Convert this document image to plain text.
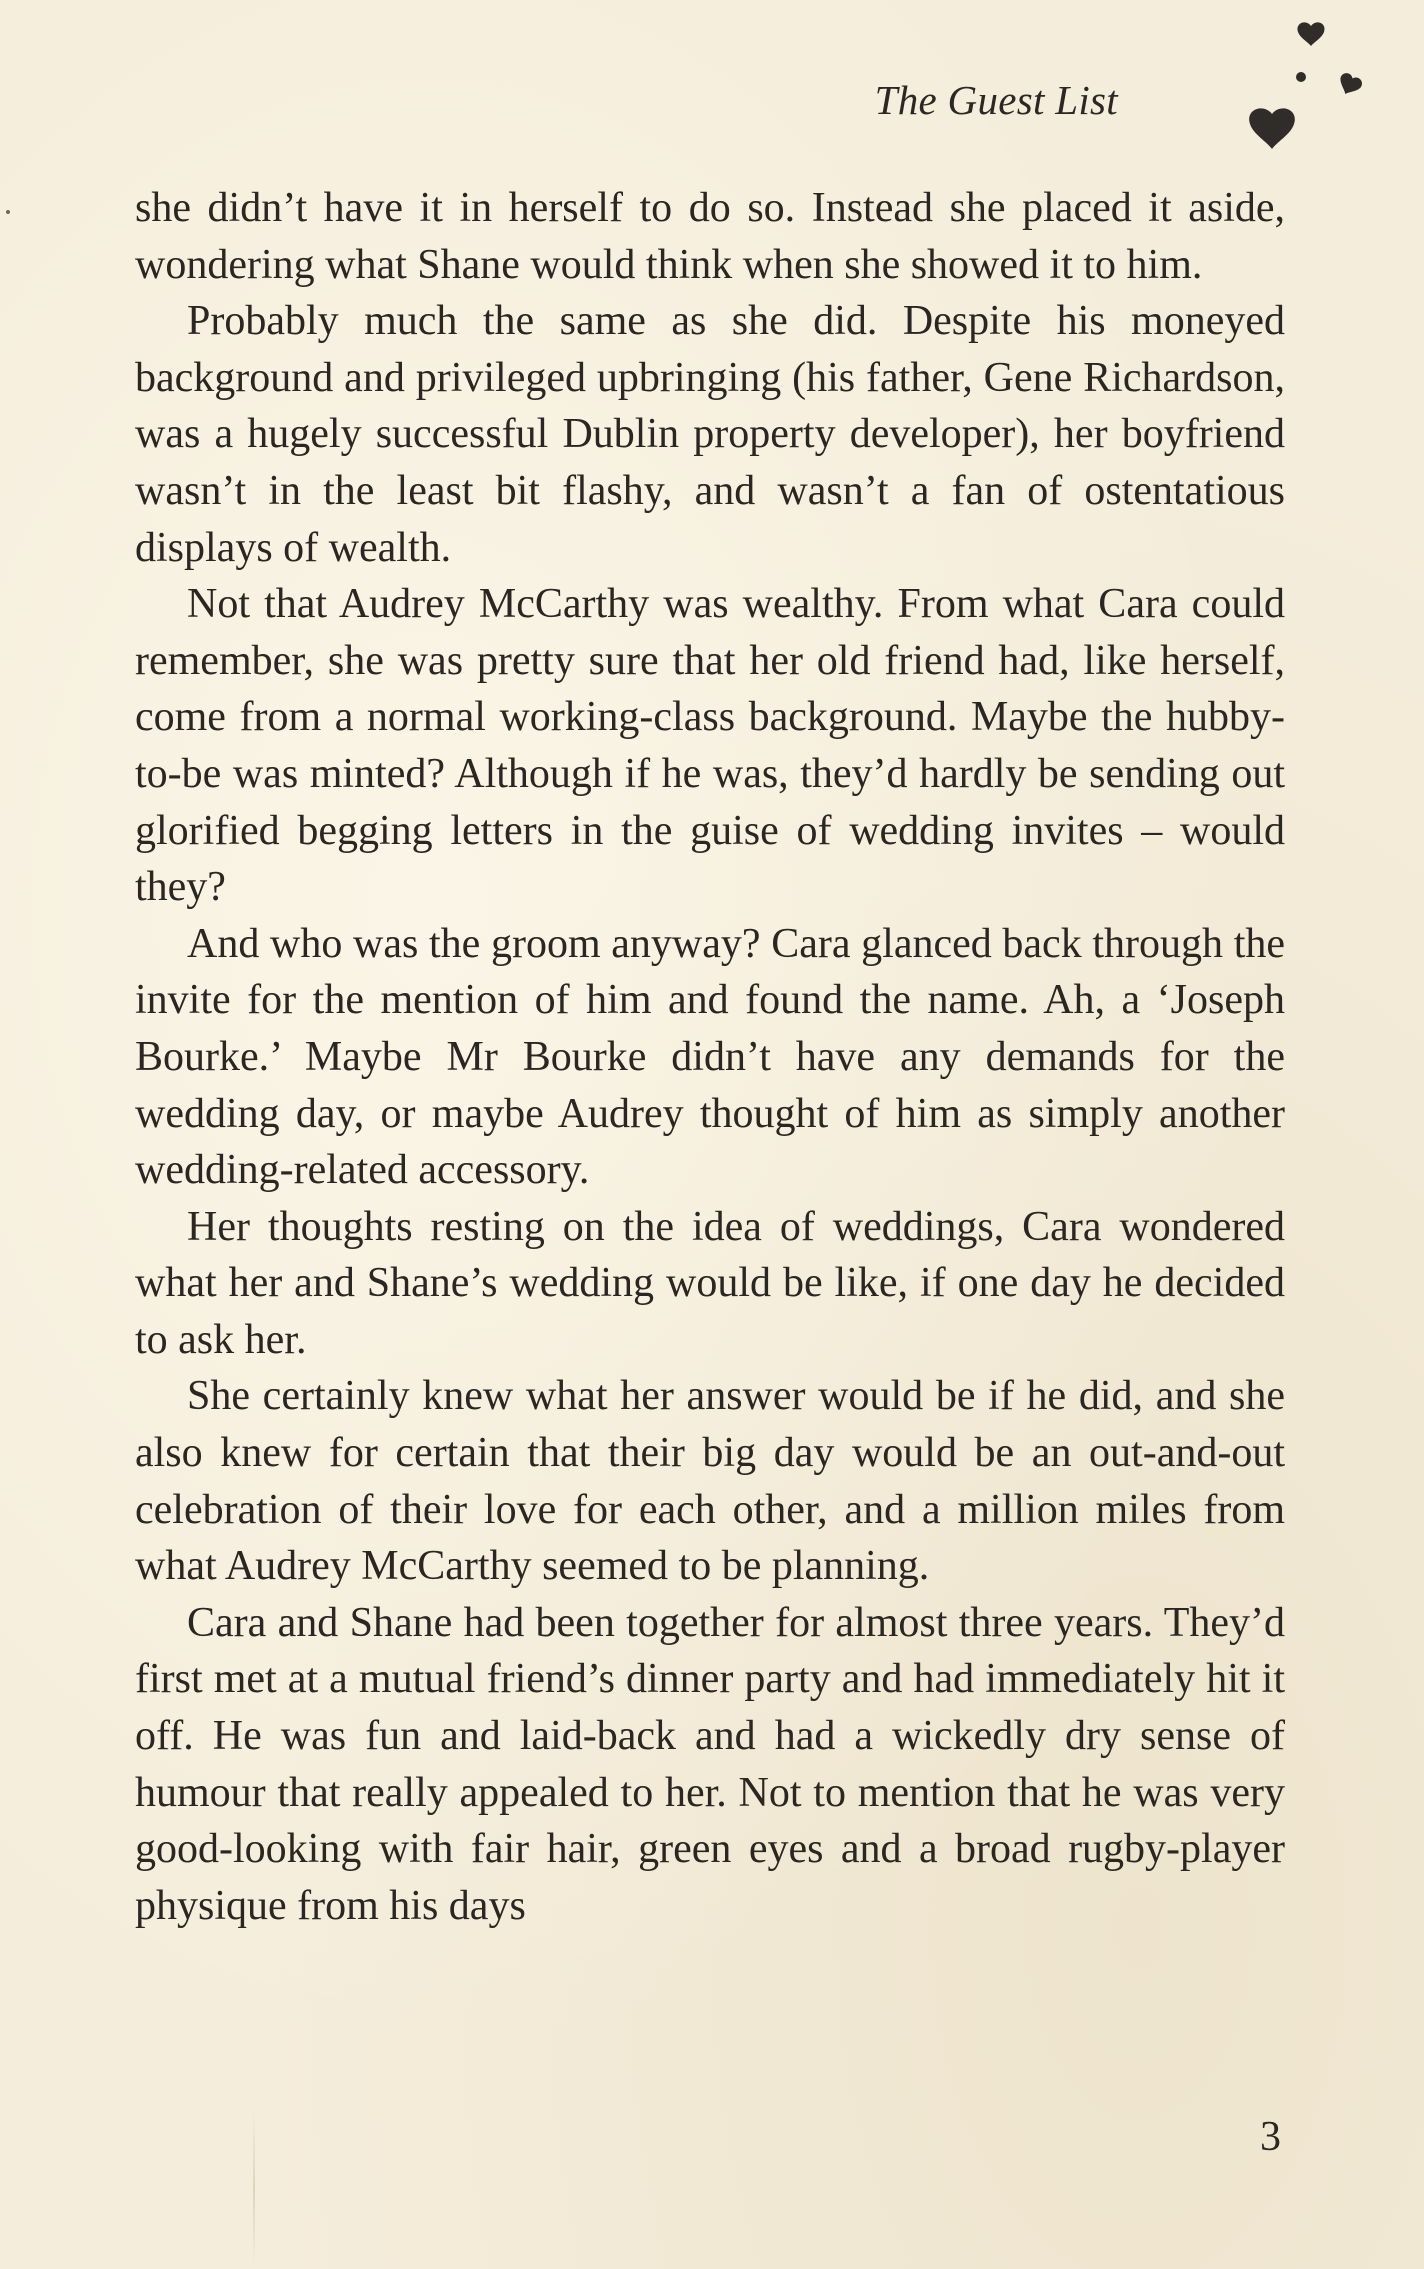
The Guest List

she didn’t have it in herself to do so. Instead she placed it aside, wondering what Shane would think when she showed it to him.

Probably much the same as she did. Despite his moneyed background and privileged upbringing (his father, Gene Richardson, was a hugely successful Dublin property developer), her boyfriend wasn’t in the least bit flashy, and wasn’t a fan of ostentatious displays of wealth.

Not that Audrey McCarthy was wealthy. From what Cara could remember, she was pretty sure that her old friend had, like herself, come from a normal working-class background. Maybe the hubby-to-be was minted? Although if he was, they’d hardly be sending out glorified begging letters in the guise of wedding invites – would they?

And who was the groom anyway? Cara glanced back through the invite for the mention of him and found the name. Ah, a ‘Joseph Bourke.’ Maybe Mr Bourke didn’t have any demands for the wedding day, or maybe Audrey thought of him as simply another wedding-related accessory.

Her thoughts resting on the idea of weddings, Cara wondered what her and Shane’s wedding would be like, if one day he decided to ask her.

She certainly knew what her answer would be if he did, and she also knew for certain that their big day would be an out-and-out celebration of their love for each other, and a million miles from what Audrey McCarthy seemed to be planning.

Cara and Shane had been together for almost three years. They’d first met at a mutual friend’s dinner party and had immediately hit it off. He was fun and laid-back and had a wickedly dry sense of humour that really appealed to her. Not to mention that he was very good-looking with fair hair, green eyes and a broad rugby-player physique from his days

3
